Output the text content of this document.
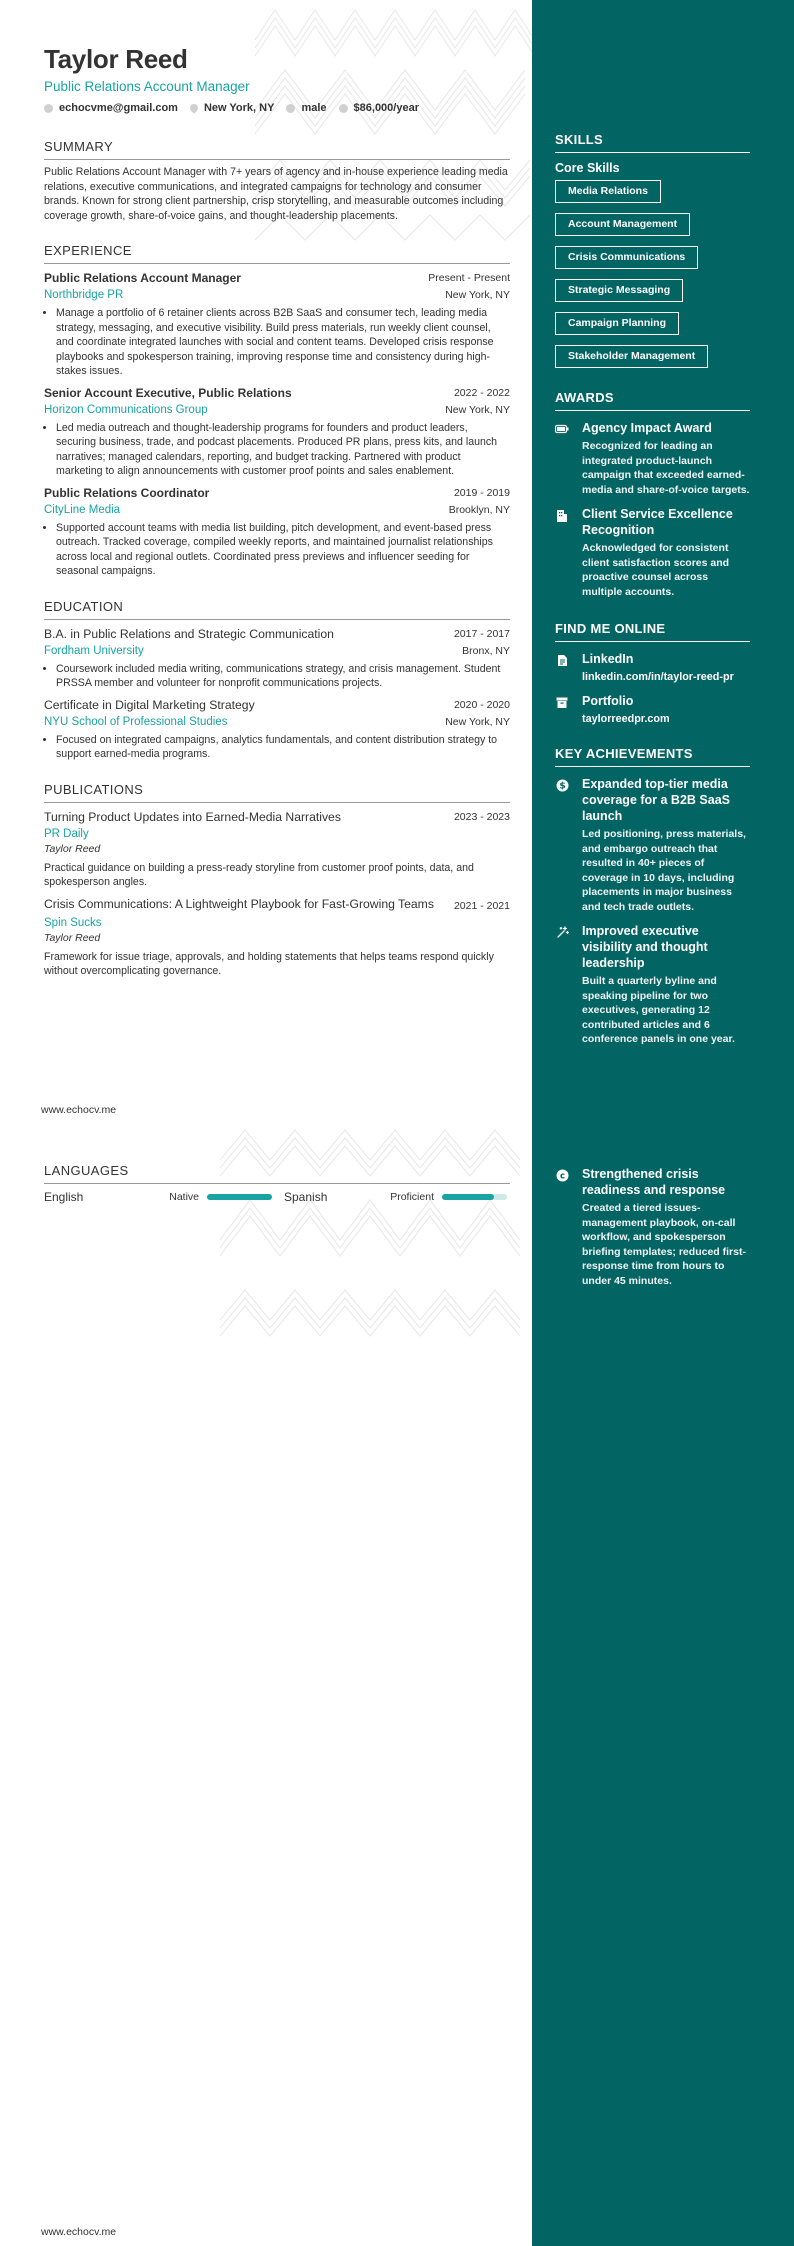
Taylor Reed
Public Relations Account Manager
echocvme@gmail.com New York, NY male $86,000/year
SUMMARY
Public Relations Account Manager with 7+ years of agency and in-house experience leading media relations, executive communications, and integrated campaigns for technology and consumer brands. Known for strong client partnership, crisp storytelling, and measurable outcomes including coverage growth, share-of-voice gains, and thought-leadership placements.
EXPERIENCE
Public Relations Account Manager	Present - Present
Northbridge PR	New York, NY
• Manage a portfolio of 6 retainer clients across B2B SaaS and consumer tech, leading media strategy, messaging, and executive visibility. Build press materials, run weekly client counsel, and coordinate integrated launches with social and content teams. Developed crisis response playbooks and spokesperson training, improving response time and consistency during high-stakes issues.
Senior Account Executive, Public Relations	2022 - 2022
Horizon Communications Group	New York, NY
• Led media outreach and thought-leadership programs for founders and product leaders, securing business, trade, and podcast placements. Produced PR plans, press kits, and launch narratives; managed calendars, reporting, and budget tracking. Partnered with product marketing to align announcements with customer proof points and sales enablement.
Public Relations Coordinator	2019 - 2019
CityLine Media	Brooklyn, NY
• Supported account teams with media list building, pitch development, and event-based press outreach. Tracked coverage, compiled weekly reports, and maintained journalist relationships across local and regional outlets. Coordinated press previews and influencer seeding for seasonal campaigns.
EDUCATION
B.A. in Public Relations and Strategic Communication	2017 - 2017
Fordham University	Bronx, NY
• Coursework included media writing, communications strategy, and crisis management. Student PRSSA member and volunteer for nonprofit communications projects.
Certificate in Digital Marketing Strategy	2020 - 2020
NYU School of Professional Studies	New York, NY
• Focused on integrated campaigns, analytics fundamentals, and content distribution strategy to support earned-media programs.
PUBLICATIONS
Turning Product Updates into Earned-Media Narratives	2023 - 2023
PR Daily
Taylor Reed
Practical guidance on building a press-ready storyline from customer proof points, data, and spokesperson angles.
Crisis Communications: A Lightweight Playbook for Fast-Growing Teams 2021 - 2021
Spin Sucks
Taylor Reed
Framework for issue triage, approvals, and holding statements that helps teams respond quickly without overcomplicating governance.
www.echocv.me
SKILLS
Core Skills
Media Relations
Account Management
Crisis Communications
Strategic Messaging
Campaign Planning
Stakeholder Management
AWARDS
Agency Impact Award
Recognized for leading an integrated product-launch campaign that exceeded earned-media and share-of-voice targets.
Client Service Excellence Recognition
Acknowledged for consistent client satisfaction scores and proactive counsel across multiple accounts.
FIND ME ONLINE
LinkedIn
linkedin.com/in/taylor-reed-pr
Portfolio
taylorreedpr.com
KEY ACHIEVEMENTS
$ Expanded top-tier media coverage for a B2B SaaS launch
Led positioning, press materials, and embargo outreach that resulted in 40+ pieces of coverage in 10 days, including placements in major business and tech trade outlets.
Improved executive visibility and thought leadership
Built a quarterly byline and speaking pipeline for two executives, generating 12 contributed articles and 6 conference panels in one year.
LANGUAGES
English	Native	Spanish	Proficient
c Strengthened crisis readiness and response
Created a tiered issues-management playbook, on-call workflow, and spokesperson briefing templates; reduced first-response time from hours to under 45 minutes.
www.echocv.me
